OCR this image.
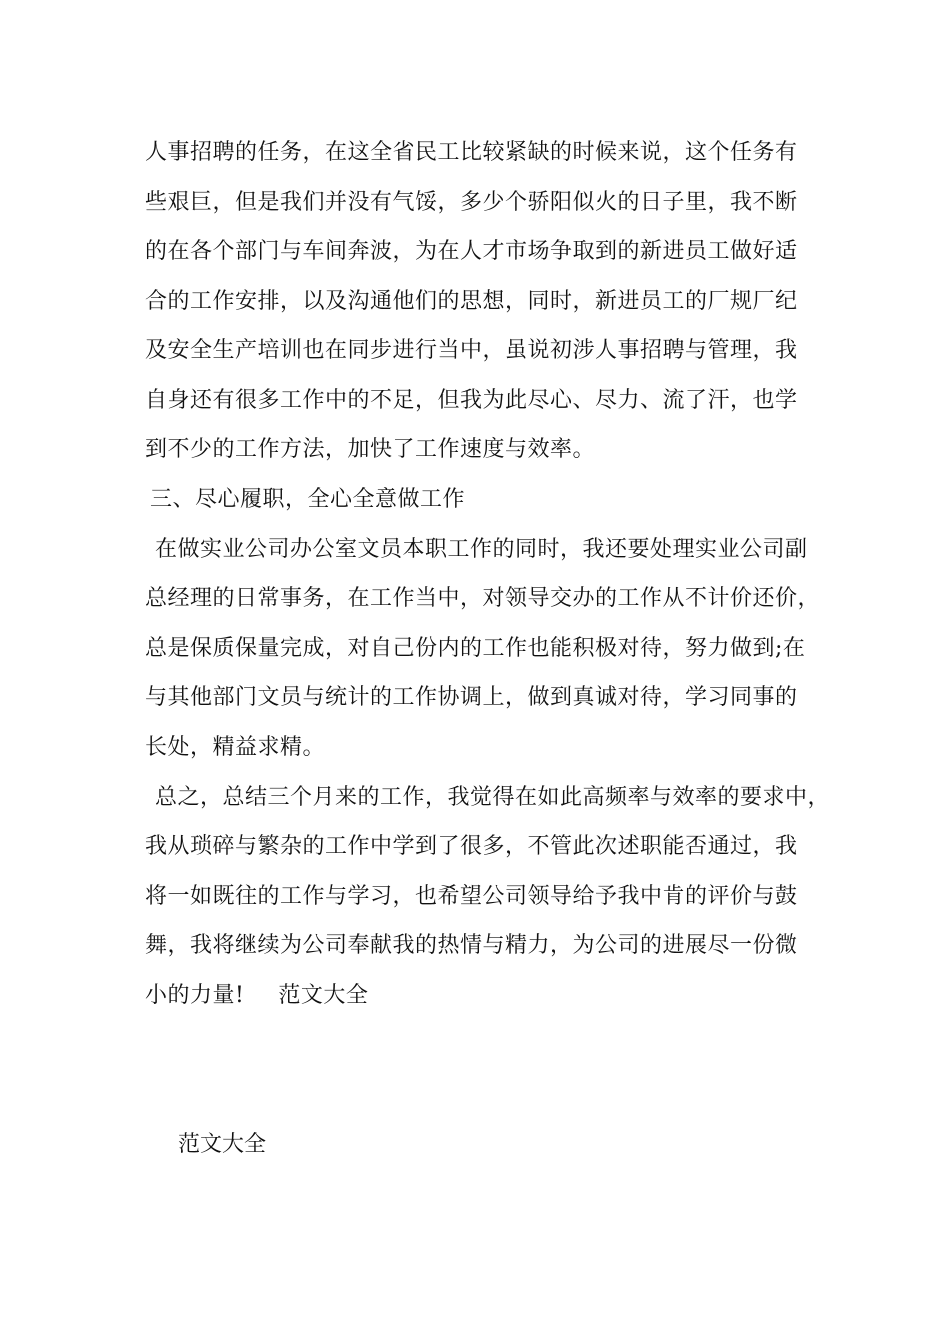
人事招聘的任务，在这全省民工比较紧缺的时候来说，这个任务有
些艰巨，但是我们并没有气馁，多少个骄阳似火的日子里，我不断
的在各个部门与车间奔波，为在人才市场争取到的新进员工做好适
合的工作安排，以及沟通他们的思想，同时，新进员工的厂规厂纪
及安全生产培训也在同步进行当中，虽说初涉人事招聘与管理，我
自身还有很多工作中的不足，但我为此尽心、尽力、流了汗，也学
到不少的工作方法，加快了工作速度与效率。
三、尽心履职，全心全意做工作
在做实业公司办公室文员本职工作的同时，我还要处理实业公司副
总经理的日常事务，在工作当中，对领导交办的工作从不计价还价，
总是保质保量完成，对自己份内的工作也能积极对待，努力做到;在
与其他部门文员与统计的工作协调上，做到真诚对待，学习同事的
长处，精益求精。
总之，总结三个月来的工作，我觉得在如此高频率与效率的要求中，
我从琐碎与繁杂的工作中学到了很多，不管此次述职能否通过，我
将一如既往的工作与学习，也希望公司领导给予我中肯的评价与鼓
舞，我将继续为公司奉献我的热情与精力，为公司的进展尽一份微
小的力量! 范文大全
范文大全
